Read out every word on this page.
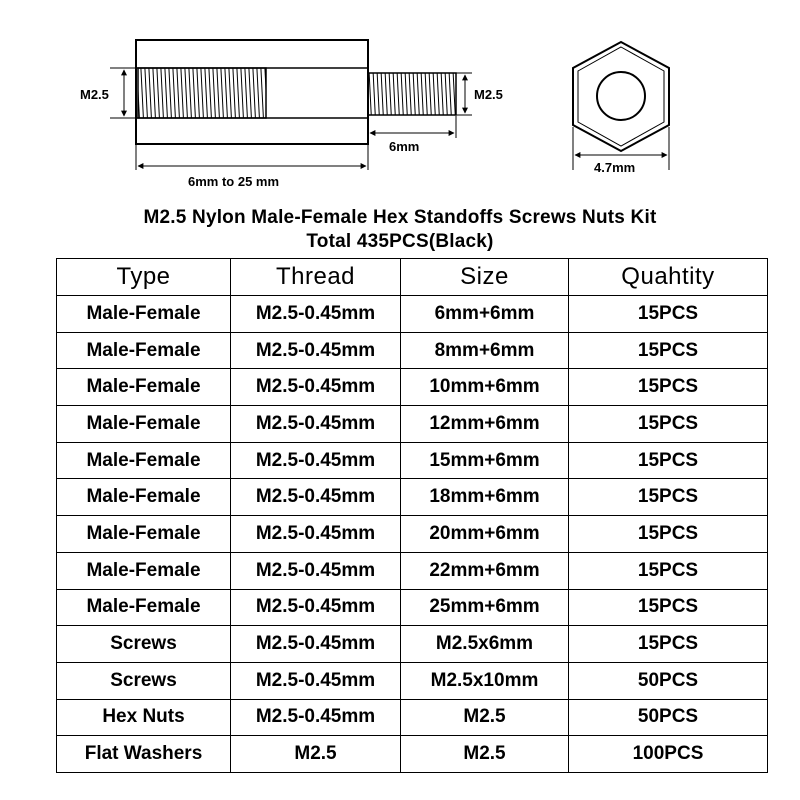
M2.5	M2.5
6mm
6mm to 25 mm
4.7mm
M2.5 Nylon Male-Female Hex Standoffs Screws Nuts Kit
Total 435PCS(Black)
Type	Thread	Size	Quahtity
Male-Female	M2.5-0.45mm	6mm+6mm	15PCS
Male-Female	M2.5-0.45mm	8mm+6mm	15PCS
Male-Female	M2.5-0.45mm	10mm+6mm	15PCS
Male-Female	M2.5-0.45mm	12mm+6mm	15PCS
Male-Female	M2.5-0.45mm	15mm+6mm	15PCS
Male-Female	M2.5-0.45mm	18mm+6mm	15PCS
Male-Female	M2.5-0.45mm	20mm+6mm	15PCS
Male-Female	M2.5-0.45mm	22mm+6mm	15PCS
Male-Female	M2.5-0.45mm	25mm+6mm	15PCS
Screws	M2.5-0.45mm	M2.5x6mm	15PCS
Screws	M2.5-0.45mm	M2.5x10mm	50PCS
Hex Nuts	M2.5-0.45mm	M2.5	50PCS
Flat Washers	M2.5	M2.5	100PCS
